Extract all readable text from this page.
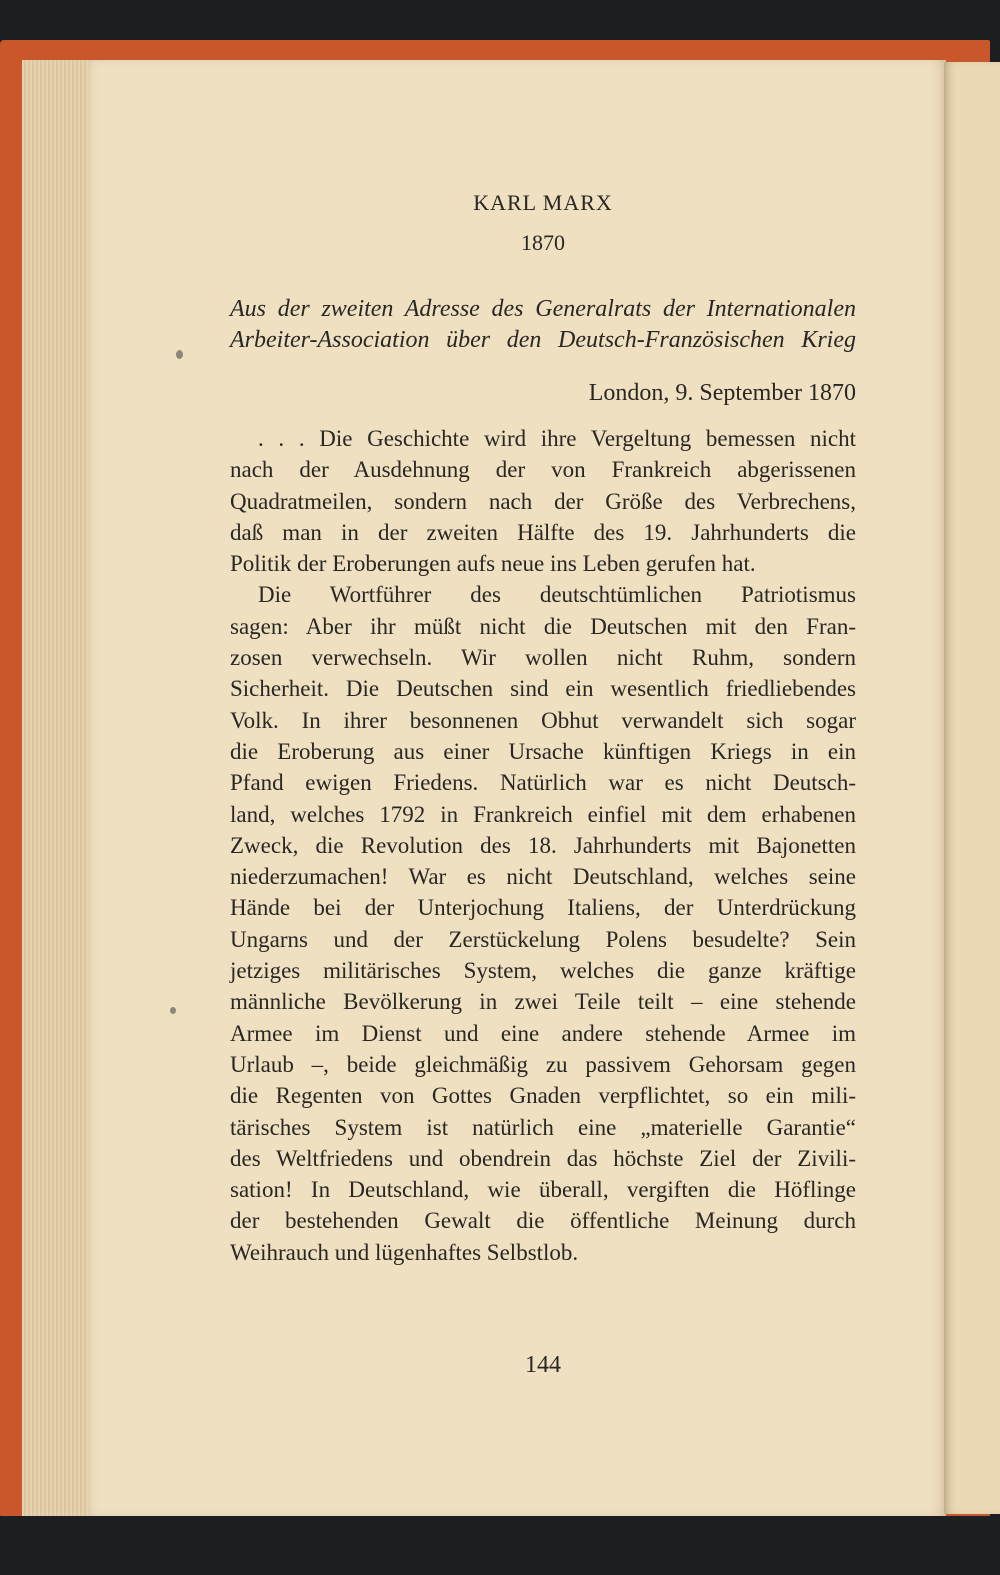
KARL MARX
1870
Aus der zweiten Adresse des Generalrats der Internationalen
Arbeiter-Association über den Deutsch-Französischen Krieg
London, 9. September 1870
. . . Die Geschichte wird ihre Vergeltung bemessen nicht
nach der Ausdehnung der von Frankreich abgerissenen
Quadratmeilen, sondern nach der Größe des Verbrechens,
daß man in der zweiten Hälfte des 19. Jahrhunderts die
Politik der Eroberungen aufs neue ins Leben gerufen hat.
Die Wortführer des deutschtümlichen Patriotismus
sagen: Aber ihr müßt nicht die Deutschen mit den Fran-
zosen verwechseln. Wir wollen nicht Ruhm, sondern
Sicherheit. Die Deutschen sind ein wesentlich friedliebendes
Volk. In ihrer besonnenen Obhut verwandelt sich sogar
die Eroberung aus einer Ursache künftigen Kriegs in ein
Pfand ewigen Friedens. Natürlich war es nicht Deutsch-
land, welches 1792 in Frankreich einfiel mit dem erhabenen
Zweck, die Revolution des 18. Jahrhunderts mit Bajonetten
niederzumachen! War es nicht Deutschland, welches seine
Hände bei der Unterjochung Italiens, der Unterdrückung
Ungarns und der Zerstückelung Polens besudelte? Sein
jetziges militärisches System, welches die ganze kräftige
männliche Bevölkerung in zwei Teile teilt – eine stehende
Armee im Dienst und eine andere stehende Armee im
Urlaub –, beide gleichmäßig zu passivem Gehorsam gegen
die Regenten von Gottes Gnaden verpflichtet, so ein mili-
tärisches System ist natürlich eine „materielle Garantie“
des Weltfriedens und obendrein das höchste Ziel der Zivili-
sation! In Deutschland, wie überall, vergiften die Höflinge
der bestehenden Gewalt die öffentliche Meinung durch
Weihrauch und lügenhaftes Selbstlob.
144
